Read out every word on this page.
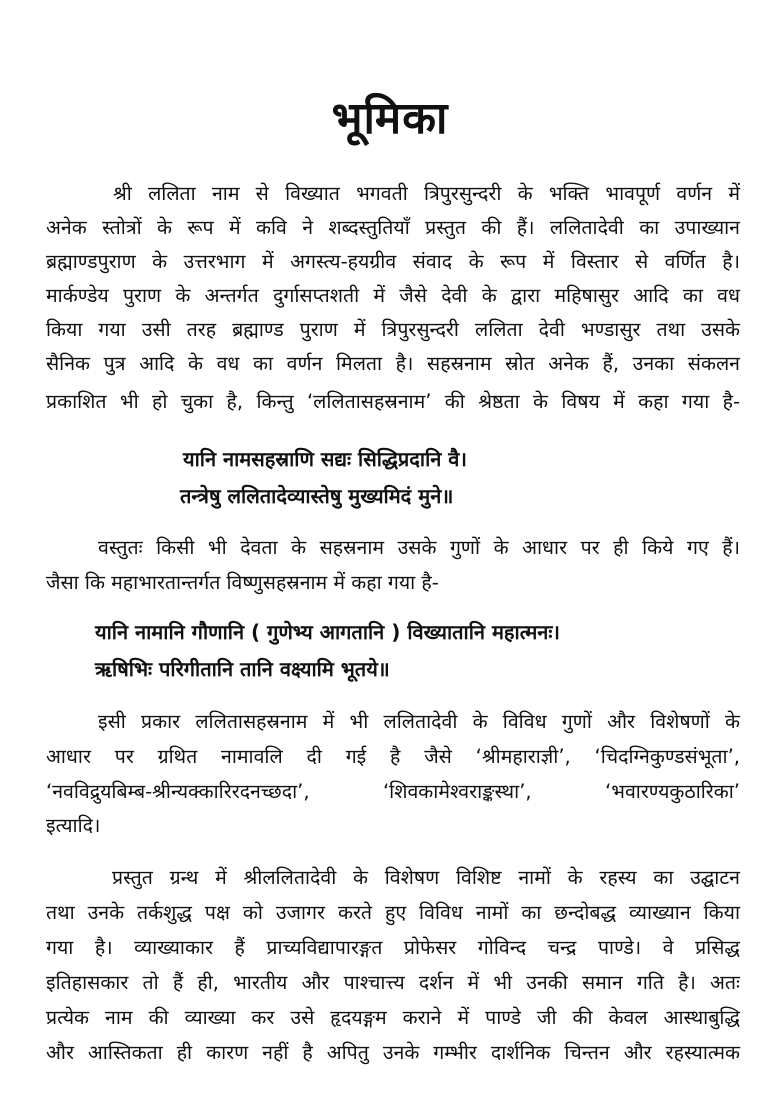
भूमिका
श्री ललिता नाम से विख्यात भगवती त्रिपुरसुन्दरी के भक्ति भावपूर्ण वर्णन में
अनेक स्तोत्रों के रूप में कवि ने शब्दस्तुतियाँ प्रस्तुत की हैं। ललितादेवी का उपाख्यान
ब्रह्माण्डपुराण के उत्तरभाग में अगस्त्य-हयग्रीव संवाद के रूप में विस्तार से वर्णित है।
मार्कण्डेय पुराण के अन्तर्गत दुर्गासप्तशती में जैसे देवी के द्वारा महिषासुर आदि का वध
किया गया उसी तरह ब्रह्माण्ड पुराण में त्रिपुरसुन्दरी ललिता देवी भण्डासुर तथा उसके
सैनिक पुत्र आदि के वध का वर्णन मिलता है। सहस्रनाम स्रोत अनेक हैं, उनका संकलन
प्रकाशित भी हो चुका है, किन्तु ‘ललितासहस्रनाम’ की श्रेष्ठता के विषय में कहा गया है-
यानि नामसहस्राणि सद्यः सिद्धिप्रदानि वै।
तन्त्रेषु ललितादेव्यास्तेषु मुख्यमिदं मुने॥
वस्तुतः किसी भी देवता के सहस्रनाम उसके गुणों के आधार पर ही किये गए हैं।
जैसा कि महाभारतान्तर्गत विष्णुसहस्रनाम में कहा गया है-
यानि नामानि गौणानि ( गुणेभ्य आगतानि ) विख्यातानि महात्मनः।
ऋषिभिः परिगीतानि तानि वक्ष्यामि भूतये॥
इसी प्रकार ललितासहस्रनाम में भी ललितादेवी के विविध गुणों और विशेषणों के
आधार पर ग्रथित नामावलि दी गई है जैसे ‘श्रीमहाराज्ञी’, ‘चिदग्निकुण्डसंभूता’,
‘नवविद्रुयबिम्ब-श्रीन्यक्कारिरदनच्छदा’, ‘शिवकामेश्वराङ्कस्था’, ‘भवारण्यकुठारिका’
इत्यादि।
प्रस्तुत ग्रन्थ में श्रीललितादेवी के विशेषण विशिष्ट नामों के रहस्य का उद्घाटन
तथा उनके तर्कशुद्ध पक्ष को उजागर करते हुए विविध नामों का छन्दोबद्ध व्याख्यान किया
गया है। व्याख्याकार हैं प्राच्यविद्यापारङ्गत प्रोफेसर गोविन्द चन्द्र पाण्डे। वे प्रसिद्ध
इतिहासकार तो हैं ही, भारतीय और पाश्चात्त्य दर्शन में भी उनकी समान गति है। अतः
प्रत्येक नाम की व्याख्या कर उसे हृदयङ्गम कराने में पाण्डे जी की केवल आस्थाबुद्धि
और आस्तिकता ही कारण नहीं है अपितु उनके गम्भीर दार्शनिक चिन्तन और रहस्यात्मक
